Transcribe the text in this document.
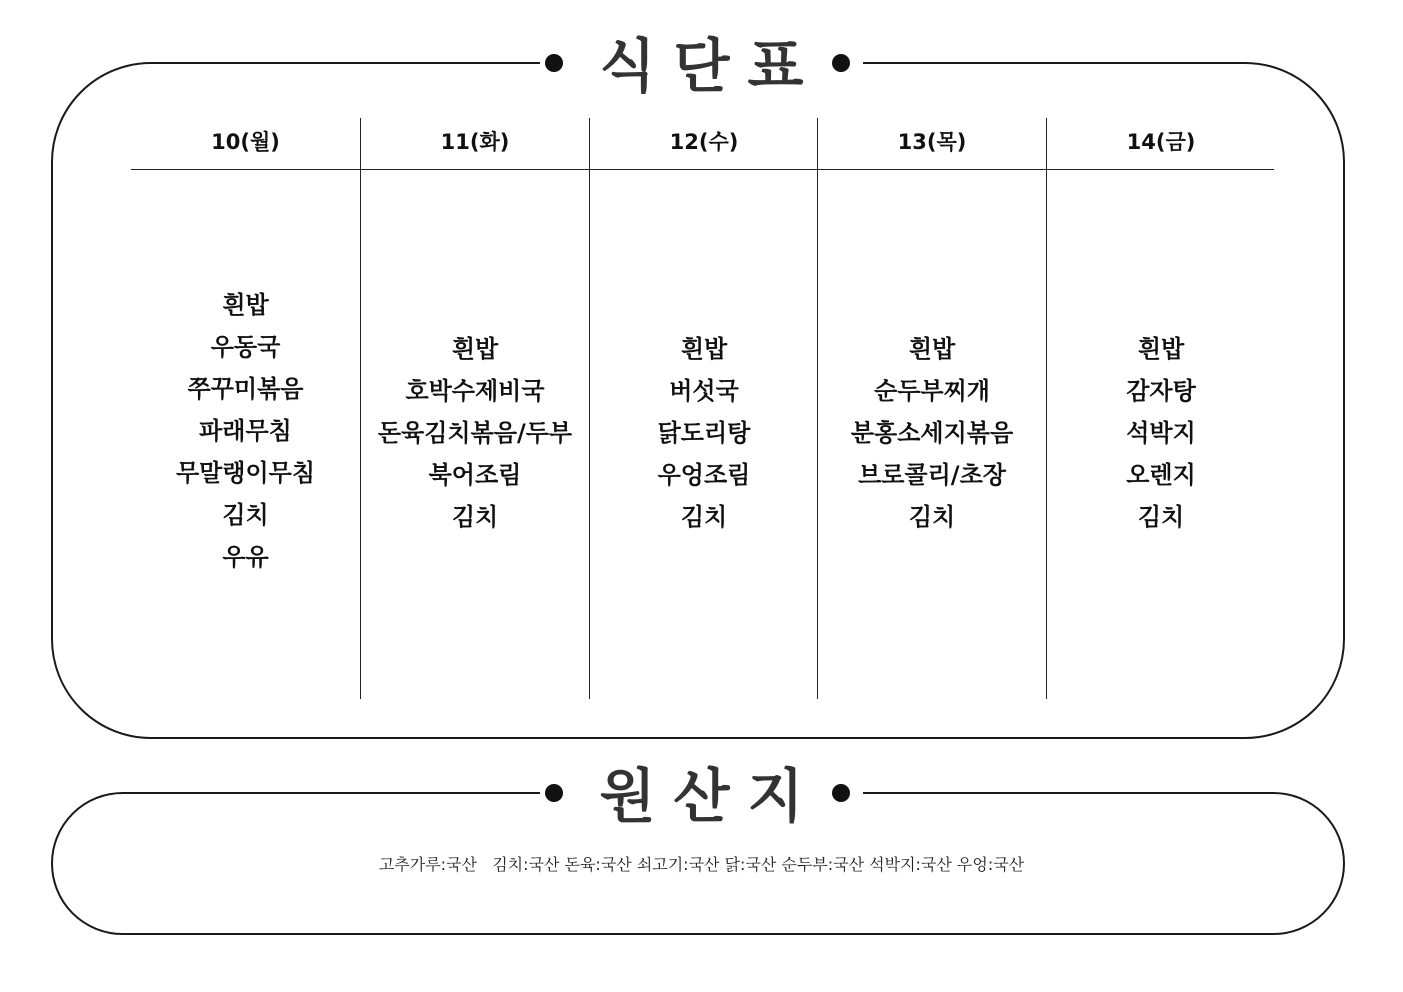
식단표
10(월)
흰밥
우동국
쭈꾸미볶음
파래무침
무말랭이무침
김치
우유
11(화)
흰밥
호박수제비국
돈육김치볶음/두부
북어조림
김치
12(수)
흰밥
버섯국
닭도리탕
우엉조림
김치
13(목)
흰밥
순두부찌개
분홍소세지볶음
브로콜리/초장
김치
14(금)
흰밥
감자탕
석박지
오렌지
김치
원산지
고추가루:국산   김치:국산 돈육:국산 쇠고기:국산 닭:국산 순두부:국산 석박지:국산 우엉:국산
